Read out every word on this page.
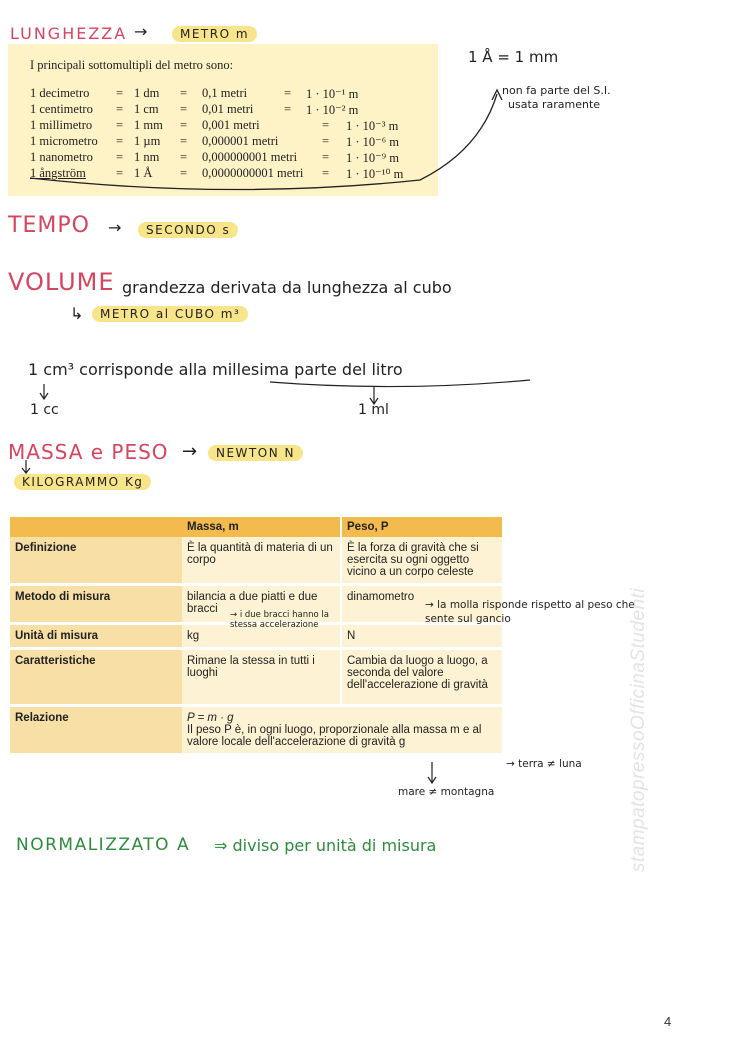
LUNGHEZZA →	METRO m
I principali sottomultipli del metro sono:
1 decimetro = 1 dm = 0,1 metri	= 1 · 10⁻¹ m
1 centimetro = 1 cm = 0,01 metri = 1 · 10⁻² m
1 millimetro = 1 mm = 0,001 metri	= 1 · 10⁻³ m
1 micrometro = 1 µm = 0,000001 metri	= 1 · 10⁻⁶ m
1 nanometro = 1 nm = 0,000000001 metri = 1 · 10⁻⁹ m
1 ångström = 1 Å = 0,0000000001 metri = 1 · 10⁻¹⁰ m
1 Å = 1 mm
non fa parte del S.I.
usata raramente
TEMPO →	SECONDO s
VOLUME grandezza derivata da lunghezza al cubo
↳	METRO al CUBO m³
1 cm³ corrisponde alla millesima parte del litro
1 cc	1 ml
MASSA e PESO →	NEWTON N
KILOGRAMMO Kg
	Massa, m	Peso, P
Definizione	È la quantità di materia di un corpo	È la forza di gravità che si esercita su ogni oggetto vicino a un corpo celeste
Metodo di misura	bilancia a due piatti e due bracci	dinamometro
Unità di misura	kg	N
Caratteristiche	Rimane la stessa in tutti i luoghi	Cambia da luogo a luogo, a seconda del valore dell'accelerazione di gravità
Relazione	P = m · g
Il peso P è, in ogni luogo, proporzionale alla massa m e al valore locale dell'accelerazione di gravità g	
→ i due bracci hanno la stessa accelerazione
→ la molla risponde rispetto al peso che sente sul gancio
→ terra ≠ luna
mare ≠ montagna
NORMALIZZATO A ⇒ diviso per unità di misura	stampatopressoOfficinaStudenti
4
